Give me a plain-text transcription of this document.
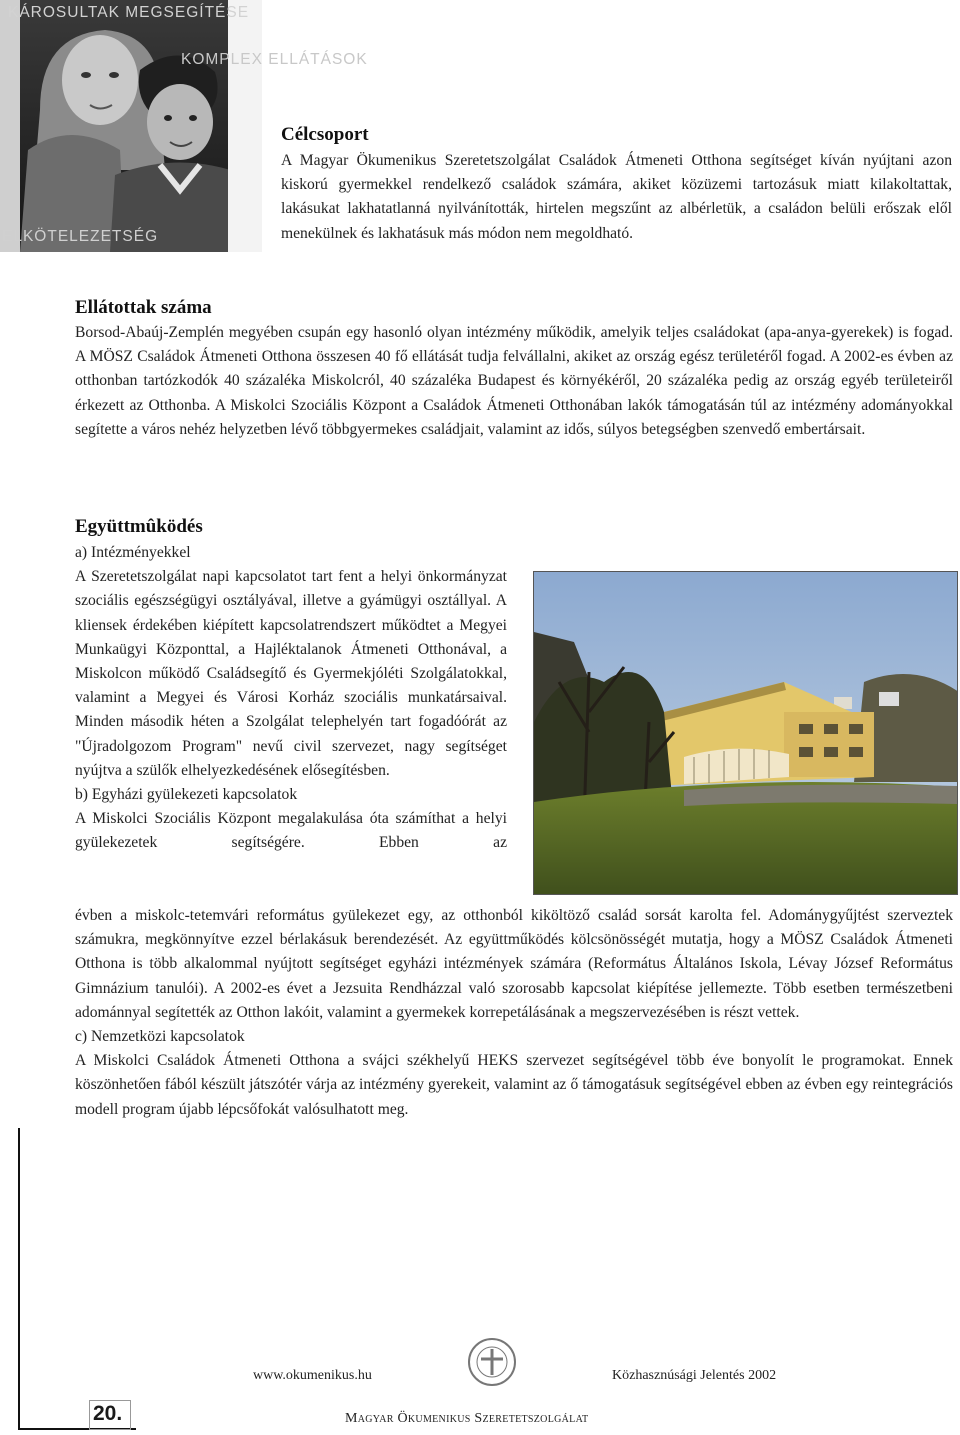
KÁROSULTAK MEGSEGÍTÉSE
KOMPLEX ELLÁTÁSOK
ELKÖTELEZETSÉG
Célcsoport

A Magyar Ökumenikus Szeretetszolgálat Családok Átmeneti Otthona segítséget kíván nyújtani azon kiskorú gyermekkel rendelkező családok számára, akiket közüzemi tartozásuk miatt kilakoltattak, lakásukat lakhatatlanná nyilvánították, hirtelen megszűnt az albérletük, a családon belüli erőszak elől menekülnek és lakhatásuk más módon nem megoldható.

Ellátottak száma

Borsod-Abaúj-Zemplén megyében csupán egy hasonló olyan intézmény működik, amelyik teljes családokat (apa-anya-gyerekek) is fogad. A MÖSZ Családok Átmeneti Otthona összesen 40 fő ellátását tudja felvállalni, akiket az ország egész területéről fogad. A 2002-es évben az otthonban tartózkodók 40 százaléka Miskolcról, 40 százaléka Budapest és környékéről, 20 százaléka pedig az ország egyéb területeiről érkezett az Otthonba. A Miskolci Szociális Központ a Családok Átmeneti Otthonában lakók támogatásán túl az intézmény adományokkal segítette a város nehéz helyzetben lévő többgyermekes családjait, valamint az idős, súlyos betegségben szenvedő embertársait.

Együttmûködés

a) Intézményekkel

A Szeretetszolgálat napi kapcsolatot tart fent a helyi önkormányzat szociális egészségügyi osztályával, illetve a gyámügyi osztállyal. A kliensek érdekében kiépített kapcsolatrendszert működtet a Megyei Munkaügyi Központtal, a Hajléktalanok Átmeneti Otthonával, a Miskolcon működő Családsegítő és Gyermekjóléti Szolgálatokkal, valamint a Megyei és Városi Korház szociális munkatársaival. Minden második héten a Szolgálat telephelyén tart fogadóórát az "Újradolgozom Program" nevű civil szervezet, nagy segítséget nyújtva a szülők elhelyezkedésének elősegítésben.

b) Egyházi gyülekezeti kapcsolatok

A Miskolci Szociális Központ megalakulása óta számíthat a helyi gyülekezetek segítségére. Ebben az

évben a miskolc-tetemvári református gyülekezet egy, az otthonból kiköltöző család sorsát karolta fel. Adománygyűjtést szerveztek számukra, megkönnyítve ezzel bérlakásuk berendezését. Az együttműködés kölcsönösségét mutatja, hogy a MÖSZ Családok Átmeneti Otthona is több alkalommal nyújtott segítséget egyházi intézmények számára (Református Általános Iskola, Lévay József Református Gimnázium tanulói). A 2002-es évet a Jezsuita Rendházzal való szorosabb kapcsolat kiépítése jellemezte. Több esetben természetbeni adománnyal segítették az Otthon lakóit, valamint a gyermekek korrepetálásának a megszervezésében is részt vettek.

c) Nemzetközi kapcsolatok

A Miskolci Családok Átmeneti Otthona a svájci székhelyű HEKS szervezet segítségével több éve bonyolít le programokat. Ennek köszönhetően fából készült játszótér várja az intézmény gyerekeit, valamint az ő támogatásuk segítségével ebben az évben egy reintegrációs modell program újabb lépcsőfokát valósulhatott meg.

20.
www.okumenikus.hu	Közhasznúsági Jelentés 2002
Magyar Ökumenikus Szeretetszolgálat
